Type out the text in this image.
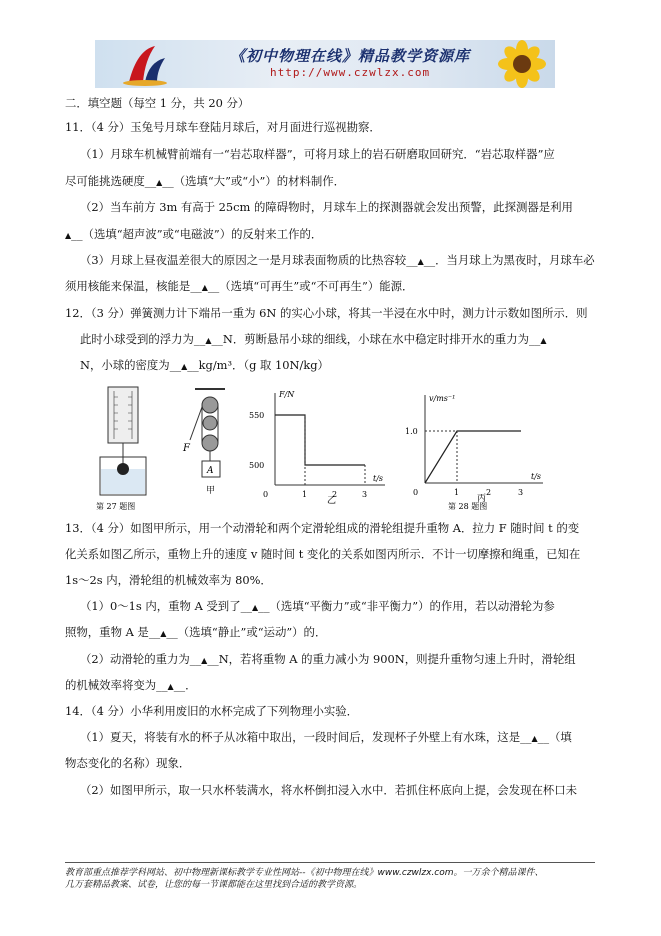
《初中物理在线》精品教学资源库
http://www.czwlzx.com
二．填空题（每空 1 分，共 20 分）
11．（4 分）玉兔号月球车登陆月球后，对月面进行巡视勘察．
（1）月球车机械臂前端有一“岩芯取样器”，可将月球上的岩石研磨取回研究．“岩芯取样器”应
尽可能挑选硬度__▲__（选填“大”或“小”）的材料制作．
（2）当车前方 3m 有高于 25cm 的障碍物时，月球车上的探测器就会发出预警，此探测器是利用
▲__（选填“超声波”或“电磁波”）的反射来工作的．
（3）月球上昼夜温差很大的原因之一是月球表面物质的比热容较__▲__．当月球上为黑夜时，月球车必
须用核能来保温，核能是__▲__（选填“可再生”或“不可再生”）能源．
12．（3 分）弹簧测力计下端吊一重为 6N 的实心小球，将其一半浸在水中时，测力计示数如图所示．则
此时小球受到的浮力为__▲__N．剪断悬吊小球的细线，小球在水中稳定时排开水的重力为__▲
N，小球的密度为__▲__kg/m³．（g 取 10N/kg）
第 27 题图
F
A
甲
第 28 题图
F/N
550
500
t/s
0	1	2	3
乙
v/ms⁻¹
1.0
t/s
0	1	2	3
丙
13．（4 分）如图甲所示，用一个动滑轮和两个定滑轮组成的滑轮组提升重物 A．拉力 F 随时间 t 的变
化关系如图乙所示，重物上升的速度 v 随时间 t 变化的关系如图丙所示．不计一切摩擦和绳重，已知在
1s～2s 内，滑轮组的机械效率为 80%．
（1）0～1s 内，重物 A 受到了__▲__（选填“平衡力”或“非平衡力”）的作用，若以动滑轮为参
照物，重物 A 是__▲__（选填“静止”或“运动”）的．
（2）动滑轮的重力为__▲__N，若将重物 A 的重力减小为 900N，则提升重物匀速上升时，滑轮组
的机械效率将变为__▲__．
14．（4 分）小华利用废旧的水杯完成了下列物理小实验．
（1）夏天，将装有水的杯子从冰箱中取出，一段时间后，发现杯子外壁上有水珠，这是__▲__（填
物态变化的名称）现象．
（2）如图甲所示，取一只水杯装满水，将水杯倒扣浸入水中．若抓住杯底向上提，会发现在杯口未
教育部重点推荐学科网站、初中物理新课标教学专业性网站--《初中物理在线》www.czwlzx.com。一万余个精品课件、
几万套精品教案、试卷，让您的每一节课都能在这里找到合适的教学资源。
